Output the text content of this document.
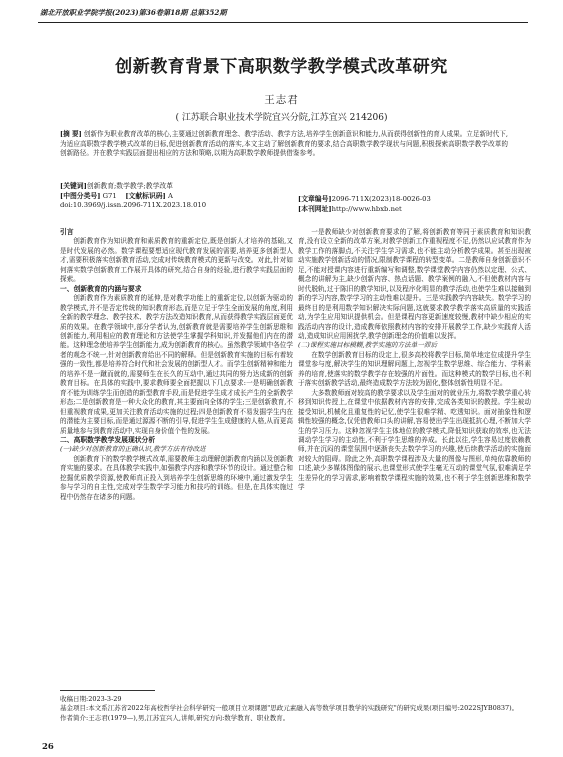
湖北开放职业学院学报(2023)第36卷第18期 总第352期
创新教育背景下高职数学教学模式改革研究
王志君
( 江苏联合职业技术学院宜兴分院,江苏宜兴 214206)
[摘 要] 创新作为职业教育改革的核心,主要通过创新教育理念、教学活动、教学方法,培养学生创新意识和能力,从而获得创新性的育人成果。立足新时代下,为适应高职数学教学模式改革的目标,促进创新教育活动的落实,本文主动了解创新教育的要求,结合高职数学教学现状与问题,积极探索高职数学教学改革的创新路径。并在教学实践层面提出相应的方法和策略,以期为高职数学教师提供借鉴参考。
[关键词]创新教育;数学教学;教学改革
[中图分类号] G71 [文献标识码] A
doi:10.3969/j.issn.2096-711X.2023.18.010
[文章编号]2096-711X(2023)18-0026-03
[本刊网址]http://www.hbxb.net

引言

创新教育作为知识教育和素质教育的重新定位,既是创新人才培养的基础,又是时代发展的必然。数学课程要想适应现代教育发展的需要,培养更多创新型人才,需要积极落实创新教育活动,完成对传统教育模式的更新与改变。对此,针对如何落实数学创新教育工作展开具体的研究,结合自身的经验,进行教学实践层面的探索。

一、创新教育的内涵与要求

创新教育作为素质教育的延伸,是对教学功能上的重新定位,以创新为驱动的教学模式,并不是否定传统的知识教育形态,而是立足于学生全面发展的角度,利用全新的教学理念、教学技术、教学方法改造知识教育,从而获得教学实践层面更优质的效果。在教学领域中,部分学者认为,创新教育就是需要培养学生创新思维和创新能力,利用相应的教育理论和方法使学生掌握学科知识,并发掘他们内在的潜能。这种理念使培养学生创新能力,成为创新教育的核心。虽然教学领域中各位学者的观念不统一,针对创新教育给出不同的解释。但是创新教育实施的目标有着较强的一致性,都是培养符合时代和社会发展的创新型人才。而学生创新精神和能力的培养不是一蹴而就的,需要师生在长久的互动中,通过共同的努力达成新的创新教育目标。在具体的实践中,要求教师要全面把握以下几点要求:一是明确创新教育不能为训练学生而创造的新型教育手段,而是促进学生成才成长产生的全新教学形态;二是创新教育是一种大众化的教育,其主要面向全体的学生;三是创新教育,不但重视教育成果,更加关注教育活动实施的过程;四是创新教育不易发掘学生内在的潜能为主要目标,而是通过源源不断的引导,促进学生生成健康的人格,从而更高质量地参与到教育活动中,实现自身价值个性的发展。

二、高职数学教学发展现状分析

(一)缺少对创新教育的正确认识,教学方法有待改进

创新教育下的数学教学模式改革,需要教师主动理解创新教育内涵以及创新教育实施的要求。在具体教学实践中,如强教学内容和教学环节的设计。通过整合和挖掘优质教学资源,使教师真正投入到培养学生创新思维的环境中,通过激发学生参与学习的自主性,完成对学生数学学习能力和技巧的训练。但是,在具体实施过程中仍然存在诸多的问题。

一是教师缺少对创新教育要求的了解,将创新教育等同于素质教育和知识教育,没有设立全新的改革方案,对教学创新工作重视程度不足,仍然以应试教育作为教学工作的落脚点,不关注学生学习需求,也不能主动分析教学成果。甚至出现被动实施教学创新活动的情况,限制教学课程的转型变革。二是教师自身创新意识不足,不能对授课内容进行重新编写和调整,数学课堂教学内容仍然以定理、公式、概念的讲解为主,缺少创新内容、热点话题、教学案例的融入,不但使教材内容与时代脱轨,过于陈旧的教学知识,以及程序化明显的教学活动,也使学生难以接触到新的学习内容,数学学习的主动性难以提升。三是实践教学内容缺失。数学学习的最终目的是利用数学知识解决实际问题,这就要求教学教学落实高质量的实践活动,为学生应用知识提供机会。但是课程内容更新速度较慢,教材中缺少相应的实践活动内容的设计,造成教师依照教材内容的安排开展教学工作,缺少实践育人活动,造成知识应用困扰学,教学创新理念的价值难以发挥。

(二)课程实施目标模糊,教学实施的方法单一滞后

在数学创新教育目标的设定上,很多高校将教学目标,简单地定位成提升学生课堂参与度,解决学生的知识理解问题上,忽视学生数学思维、综合能力、学科素养的培育,使落实的数学教学存在较强的片面性。而这种模式的数学目标,也不利于落实创新教学活动,最终造成数学方法较为固化,整体创新性明显不足。

大多数教师面对较高的教学要求以及学生面对的就业压力,将数学教学重心转移到知识传授上,在课堂中依据教材内容的安排,完成各类知识的教授。学生被动接受知识,机械化且重复性的记忆,使学生很难学精、吃透知识。面对抽象性和逻辑性较强的概念,仅凭借教师口头的讲解,容易使出学生出现抵抗心理,不断加大学生的学习压力。这种忽视学生主体地位的教学模式,降低知识获取的效率,也无法调动学生学习的主动性,不利于学生思维的养成。长此以往,学生容易过度依赖教师,并在沉闷的课堂氛围中逐渐丧失去数学学习的兴趣,使后续教学活动的实施面对较大的阻碍。除此之外,高职数学课程涉及大量的图像与图形,单纯依靠教师的口述,缺少多媒体图像的展示,也课堂形式使学生毫无互动的课堂气氛,很难满足学生差异化的学习需求,影响着数学课程实施的效果,也不利于学生创新思维和数学学

收稿日期:2023-3-29
基金项目:本文系江苏省2022年高校哲学社会科学研究一般项目立项课题"思政元素融入高等数学项目教学的实践研究"的研究成果(项目编号:2022SJYB0837)。
作者简介:王志君(1979—),男,江苏宜兴人,讲师,研究方向:数学教育、职业教育。
26
